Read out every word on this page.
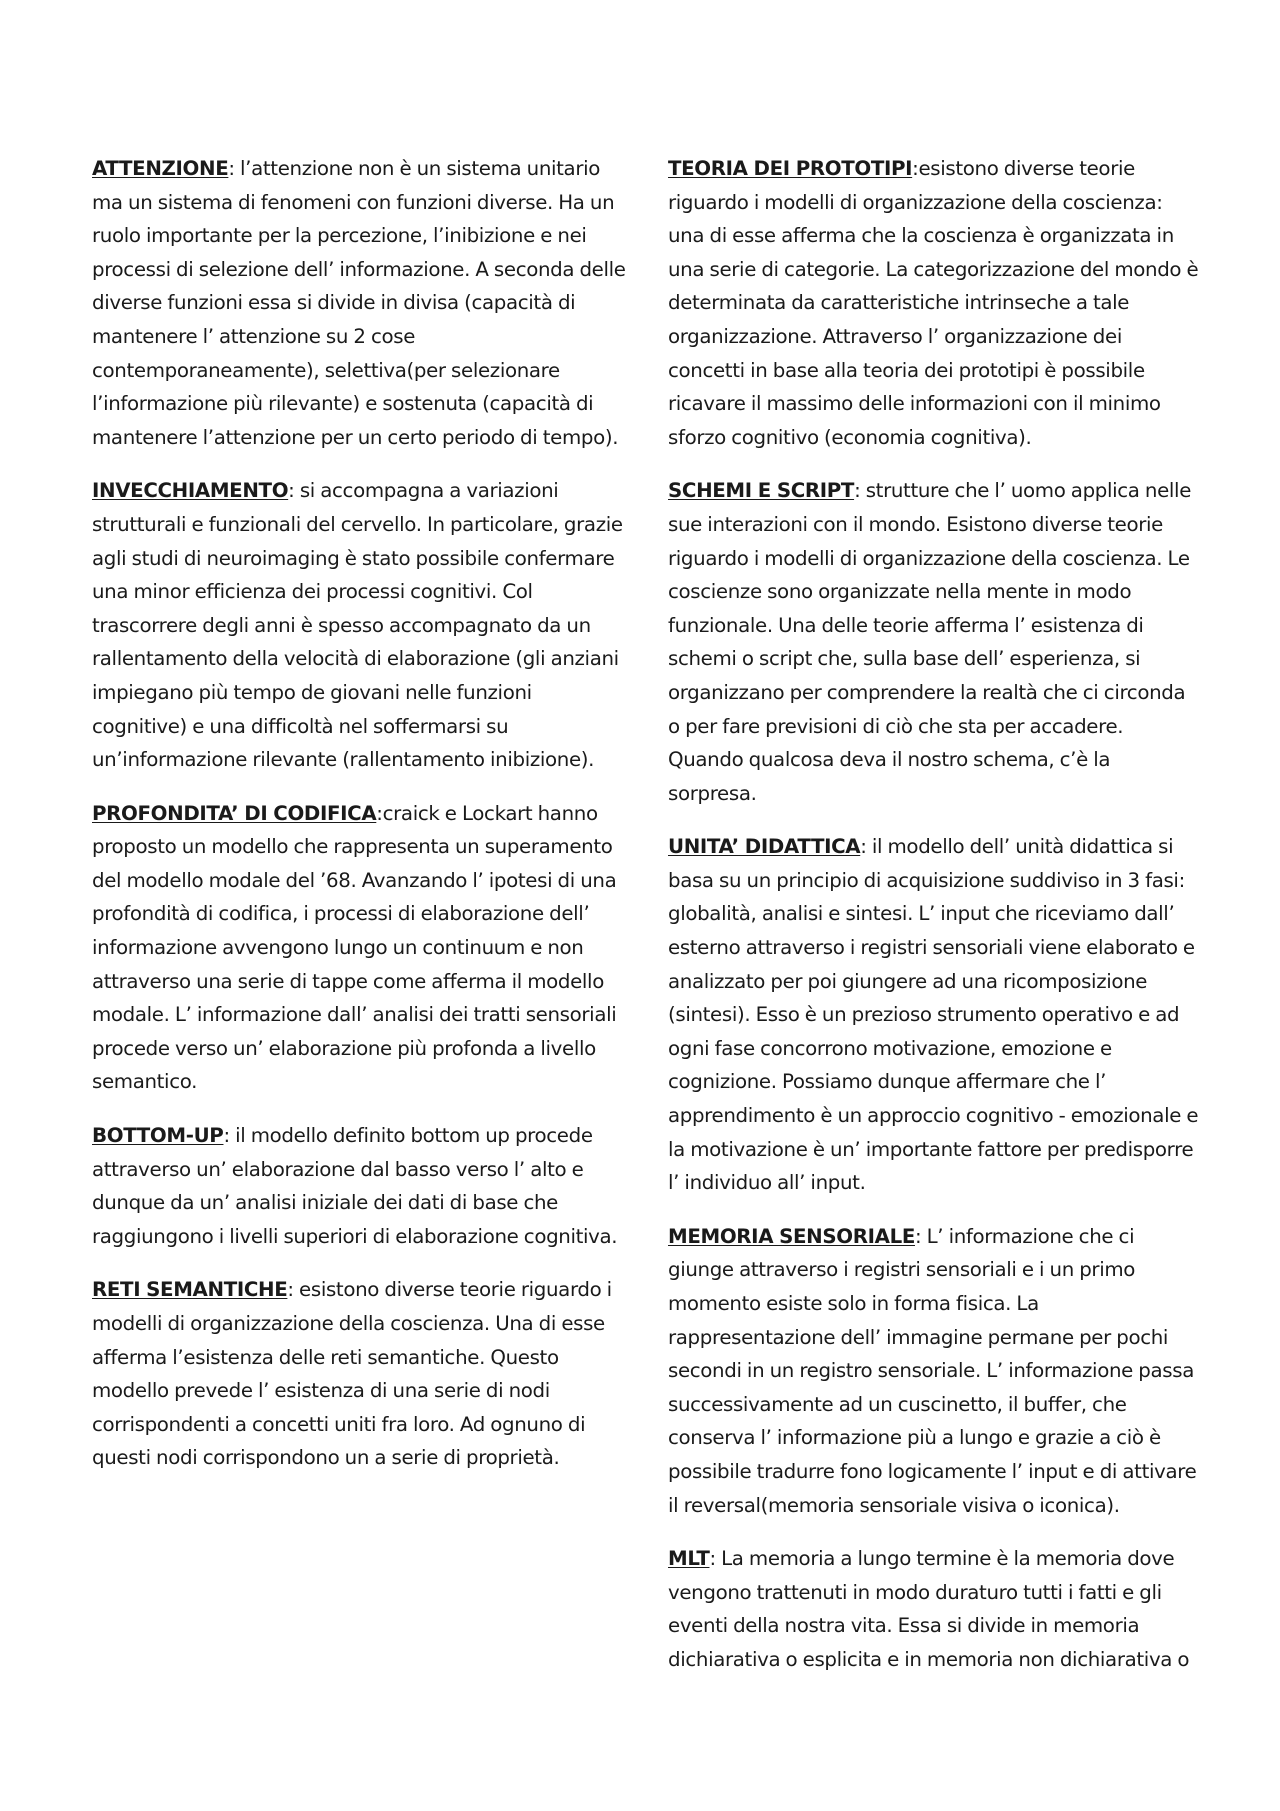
ATTENZIONE: l’attenzione non è un sistema unitario ma un sistema di fenomeni con funzioni diverse. Ha un ruolo importante per la percezione, l’inibizione e nei processi di selezione dell’ informazione. A seconda delle diverse funzioni essa si divide in divisa (capacità di mantenere l’ attenzione su 2 cose contemporaneamente), selettiva(per selezionare l’informazione più rilevante) e sostenuta (capacità di mantenere l’attenzione per un certo periodo di tempo).

INVECCHIAMENTO: si accompagna a variazioni strutturali e funzionali del cervello. In particolare, grazie agli studi di neuroimaging è stato possibile confermare una minor efficienza dei processi cognitivi. Col trascorrere degli anni è spesso accompagnato da un rallentamento della velocità di elaborazione (gli anziani impiegano più tempo de giovani nelle funzioni cognitive) e una difficoltà nel soffermarsi su un’informazione rilevante (rallentamento inibizione).

PROFONDITA’ DI CODIFICA:craick e Lockart hanno proposto un modello che rappresenta un superamento del modello modale del ’68. Avanzando l’ ipotesi di una profondità di codifica, i processi di elaborazione dell’ informazione avvengono lungo un continuum e non attraverso una serie di tappe come afferma il modello modale. L’ informazione dall’ analisi dei tratti sensoriali procede verso un’ elaborazione più profonda a livello semantico.

BOTTOM-UP: il modello definito bottom up procede attraverso un’ elaborazione dal basso verso l’ alto e dunque da un’ analisi iniziale dei dati di base che raggiungono i livelli superiori di elaborazione cognitiva.

RETI SEMANTICHE: esistono diverse teorie riguardo i modelli di organizzazione della coscienza. Una di esse afferma l’esistenza delle reti semantiche. Questo modello prevede l’ esistenza di una serie di nodi corrispondenti a concetti uniti fra loro. Ad ognuno di questi nodi corrispondono un a serie di proprietà.

TEORIA DEI PROTOTIPI:esistono diverse teorie riguardo i modelli di organizzazione della coscienza: una di esse afferma che la coscienza è organizzata in una serie di categorie. La categorizzazione del mondo è determinata da caratteristiche intrinseche a tale organizzazione. Attraverso l’ organizzazione dei concetti in base alla teoria dei prototipi è possibile ricavare il massimo delle informazioni con il minimo sforzo cognitivo (economia cognitiva).

SCHEMI E SCRIPT: strutture che l’ uomo applica nelle sue interazioni con il mondo. Esistono diverse teorie riguardo i modelli di organizzazione della coscienza. Le coscienze sono organizzate nella mente in modo funzionale. Una delle teorie afferma l’ esistenza di schemi o script che, sulla base dell’ esperienza, si organizzano per comprendere la realtà che ci circonda o per fare previsioni di ciò che sta per accadere. Quando qualcosa deva il nostro schema, c’è la sorpresa.

UNITA’ DIDATTICA: il modello dell’ unità didattica si basa su un principio di acquisizione suddiviso in 3 fasi: globalità, analisi e sintesi. L’ input che riceviamo dall’ esterno attraverso i registri sensoriali viene elaborato e analizzato per poi giungere ad una ricomposizione (sintesi). Esso è un prezioso strumento operativo e ad ogni fase concorrono motivazione, emozione e cognizione. Possiamo dunque affermare che l’ apprendimento è un approccio cognitivo - emozionale e la motivazione è un’ importante fattore per predisporre l’ individuo all’ input.

MEMORIA SENSORIALE: L’ informazione che ci giunge attraverso i registri sensoriali e i un primo momento esiste solo in forma fisica. La rappresentazione dell’ immagine permane per pochi secondi in un registro sensoriale. L’ informazione passa successivamente ad un cuscinetto, il buffer, che conserva l’ informazione più a lungo e grazie a ciò è possibile tradurre fono logicamente l’ input e di attivare il reversal(memoria sensoriale visiva o iconica).

MLT: La memoria a lungo termine è la memoria dove vengono trattenuti in modo duraturo tutti i fatti e gli eventi della nostra vita. Essa si divide in memoria dichiarativa o esplicita e in memoria non dichiarativa o
